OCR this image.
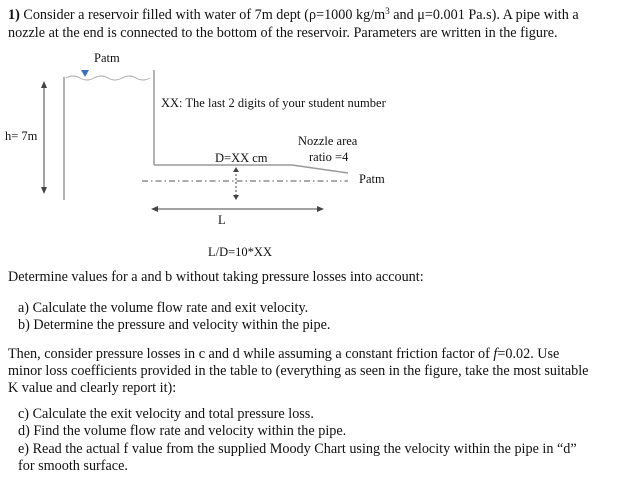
1) Consider a reservoir filled with water of 7m dept (ρ=1000 $kg/m^3$ and μ=0.001 Pa.s). A pipe with a

nozzle at the end is connected to the bottom of the reservoir. Parameters are written in the figure.

Patm
XX: The last 2 digits of your student number
h= 7m	Nozzle area
ratio =4
D=XX cm
Patm
L
L/D=10*XX

Determine values for a and b without taking pressure losses into account:

a) Calculate the volume flow rate and exit velocity.

b) Determine the pressure and velocity within the pipe.

Then, consider pressure losses in c and d while assuming a constant friction factor of f=0.02. Use

minor loss coefficients provided in the table to (everything as seen in the figure, take the most suitable

K value and clearly report it):

c) Calculate the exit velocity and total pressure loss.

d) Find the volume flow rate and velocity within the pipe.

e) Read the actual f value from the supplied Moody Chart using the velocity within the pipe in “d”

for smooth surface.
